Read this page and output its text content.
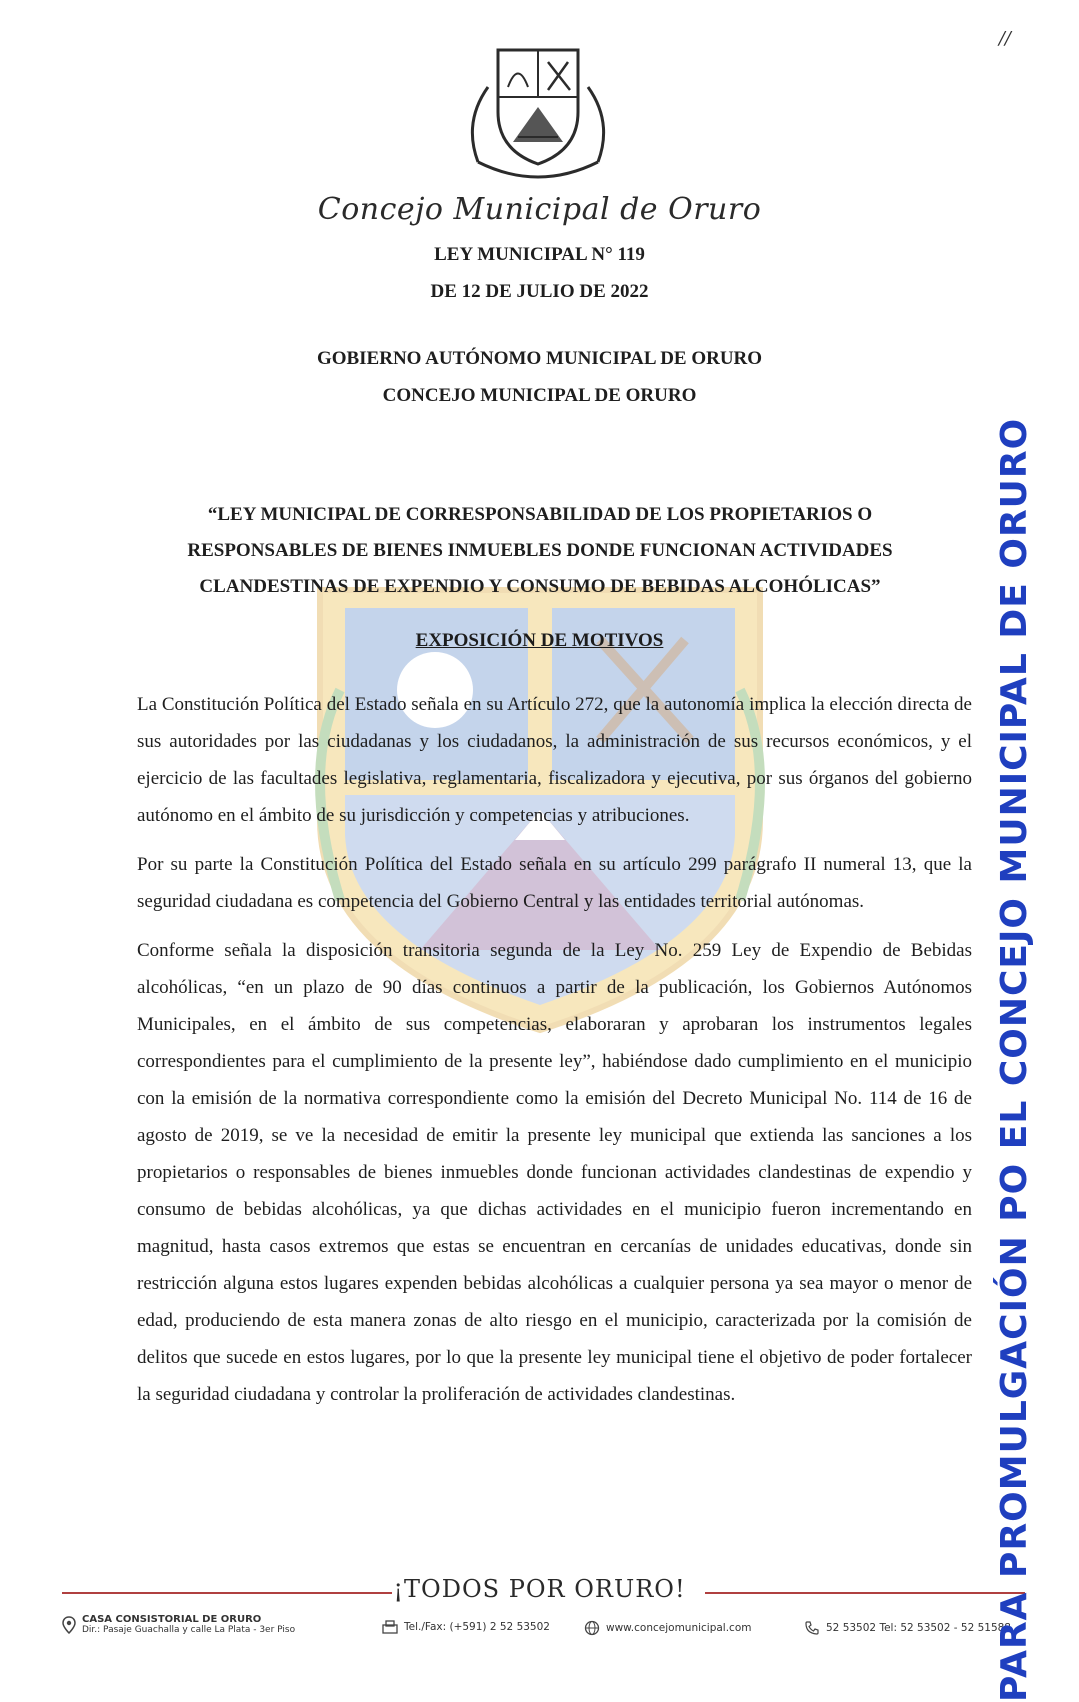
//
Concejo Municipal de Oruro
LEY MUNICIPAL N° 119
DE 12 DE JULIO DE 2022
GOBIERNO AUTÓNOMO MUNICIPAL DE ORURO
CONCEJO MUNICIPAL DE ORURO
“LEY MUNICIPAL DE CORRESPONSABILIDAD DE LOS PROPIETARIOS O
RESPONSABLES DE BIENES INMUEBLES DONDE FUNCIONAN ACTIVIDADES
CLANDESTINAS DE EXPENDIO Y CONSUMO DE BEBIDAS ALCOHÓLICAS”
EXPOSICIÓN DE MOTIVOS

La Constitución Política del Estado señala en su Artículo 272, que la autonomía implica la elección directa de sus autoridades por las ciudadanas y los ciudadanos, la administración de sus recursos económicos, y el ejercicio de las facultades legislativa, reglamentaria, fiscalizadora y ejecutiva, por sus órganos del gobierno autónomo en el ámbito de su jurisdicción y competencias y atribuciones.

Por su parte la Constitución Política del Estado señala en su artículo 299 parágrafo II numeral 13, que la seguridad ciudadana es competencia del Gobierno Central y las entidades territorial autónomas.

Conforme señala la disposición transitoria segunda de la Ley No. 259 Ley de Expendio de Bebidas alcohólicas, “en un plazo de 90 días continuos a partir de la publicación, los Gobiernos Autónomos Municipales, en el ámbito de sus competencias, elaboraran y aprobaran los instrumentos legales correspondientes para el cumplimiento de la presente ley”, habiéndose dado cumplimiento en el municipio con la emisión de la normativa correspondiente como la emisión del Decreto Municipal No. 114 de 16 de agosto de 2019, se ve la necesidad de emitir la presente ley municipal que extienda las sanciones a los propietarios o responsables de bienes inmuebles donde funcionan actividades clandestinas de expendio y consumo de bebidas alcohólicas, ya que dichas actividades en el municipio fueron incrementando en magnitud, hasta casos extremos que estas se encuentran en cercanías de unidades educativas, donde sin restricción alguna estos lugares expenden bebidas alcohólicas a cualquier persona ya sea mayor o menor de edad, produciendo de esta manera zonas de alto riesgo en el municipio, caracterizada por la comisión de delitos que sucede en estos lugares, por lo que la presente ley municipal tiene el objetivo de poder fortalecer la seguridad ciudadana y controlar la proliferación de actividades clandestinas.	PARA PROMULGACIÓN PO EL CONCEJO MUNICIPAL DE ORURO
¡TODOS POR ORURO!
CASA CONSISTORIAL DE ORURO
Dir.: Pasaje Guachalla y calle La Plata - 3er Piso	Tel./Fax: (+591) 2 52 53502	www.concejomunicipal.com	52 53502 Tel: 52 53502 - 52 51588
